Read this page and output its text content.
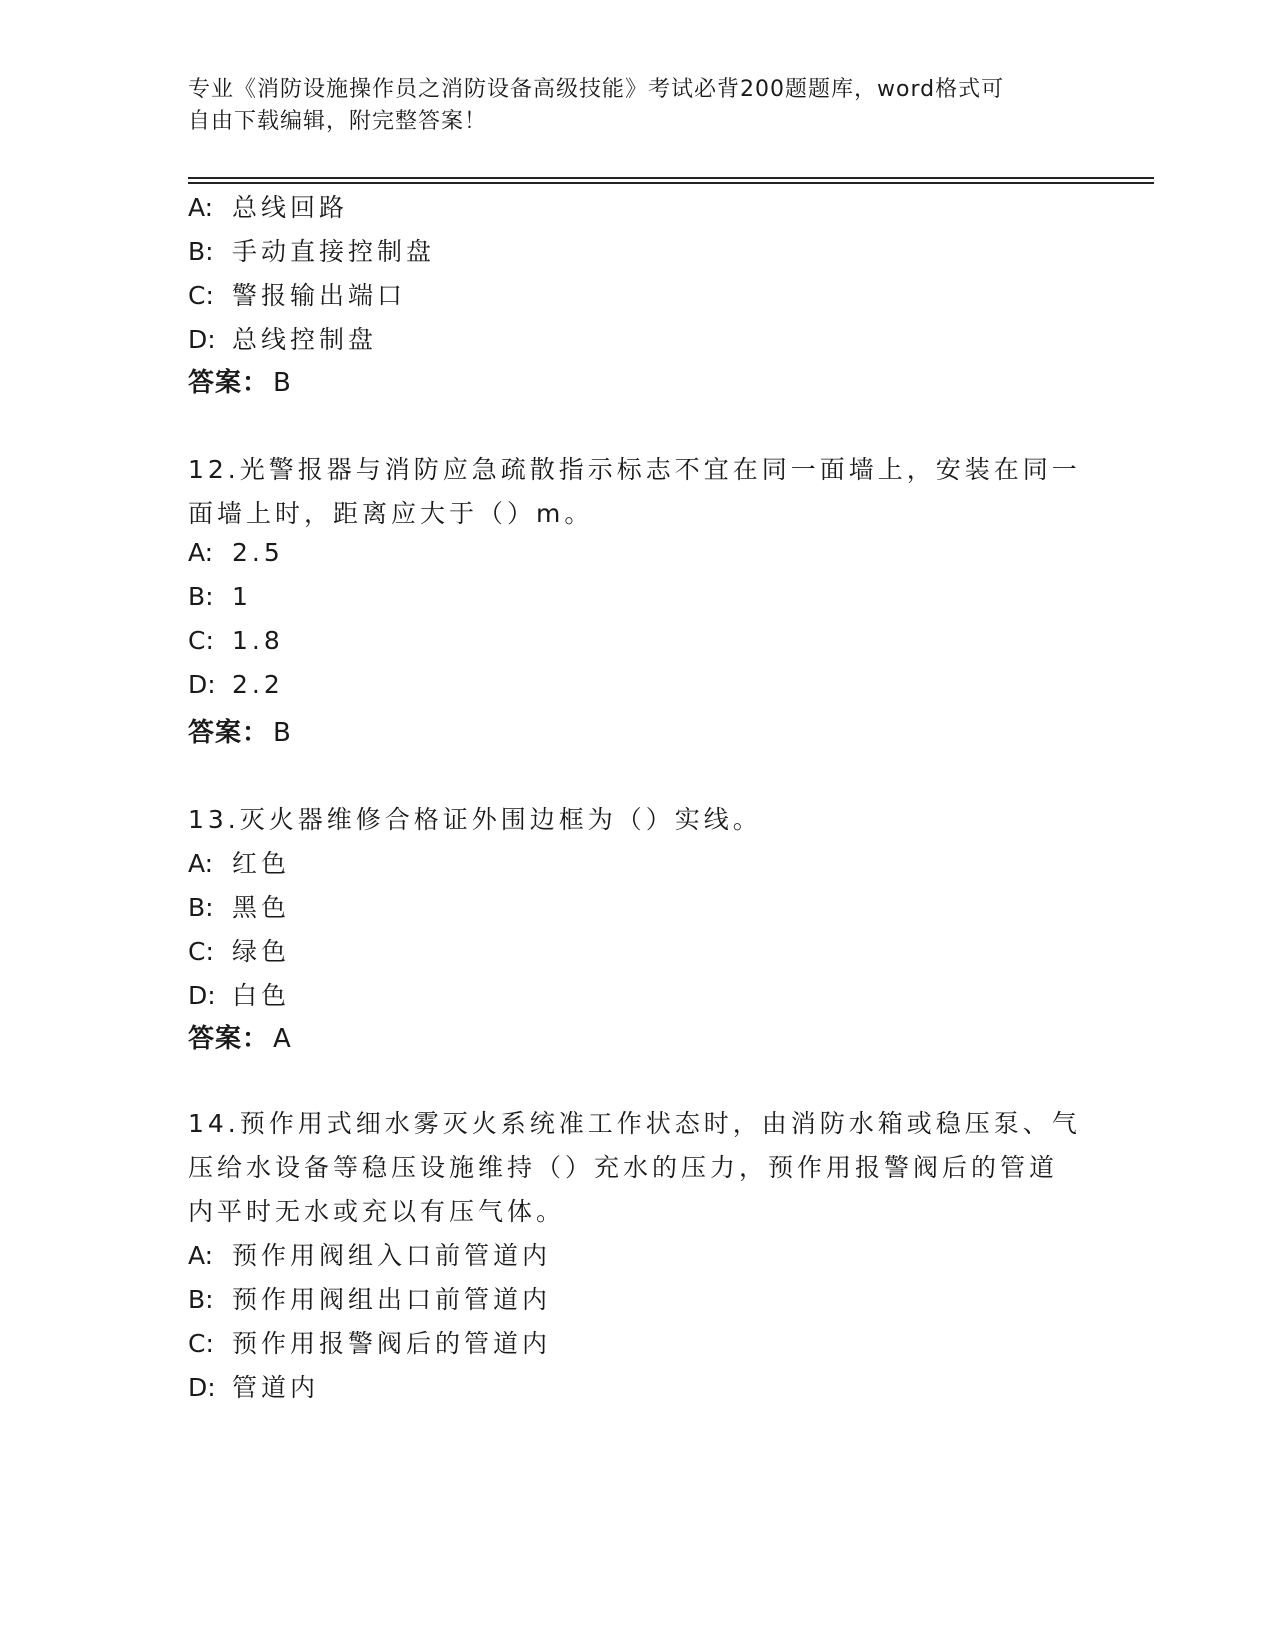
专业《消防设施操作员之消防设备高级技能》考试必背200题题库，word格式可
自由下载编辑，附完整答案！
A: 总线回路
B: 手动直接控制盘
C: 警报输出端口
D: 总线控制盘
答案： B
12.光警报器与消防应急疏散指示标志不宜在同一面墙上，安装在同一
面墙上时，距离应大于（）m。
A: 2.5
B: 1
C: 1.8
D: 2.2
答案： B
13.灭火器维修合格证外围边框为（）实线。
A: 红色
B: 黑色
C: 绿色
D: 白色
答案： A
14.预作用式细水雾灭火系统准工作状态时，由消防水箱或稳压泵、气
压给水设备等稳压设施维持（）充水的压力，预作用报警阀后的管道
内平时无水或充以有压气体。
A: 预作用阀组入口前管道内
B: 预作用阀组出口前管道内
C: 预作用报警阀后的管道内
D: 管道内
